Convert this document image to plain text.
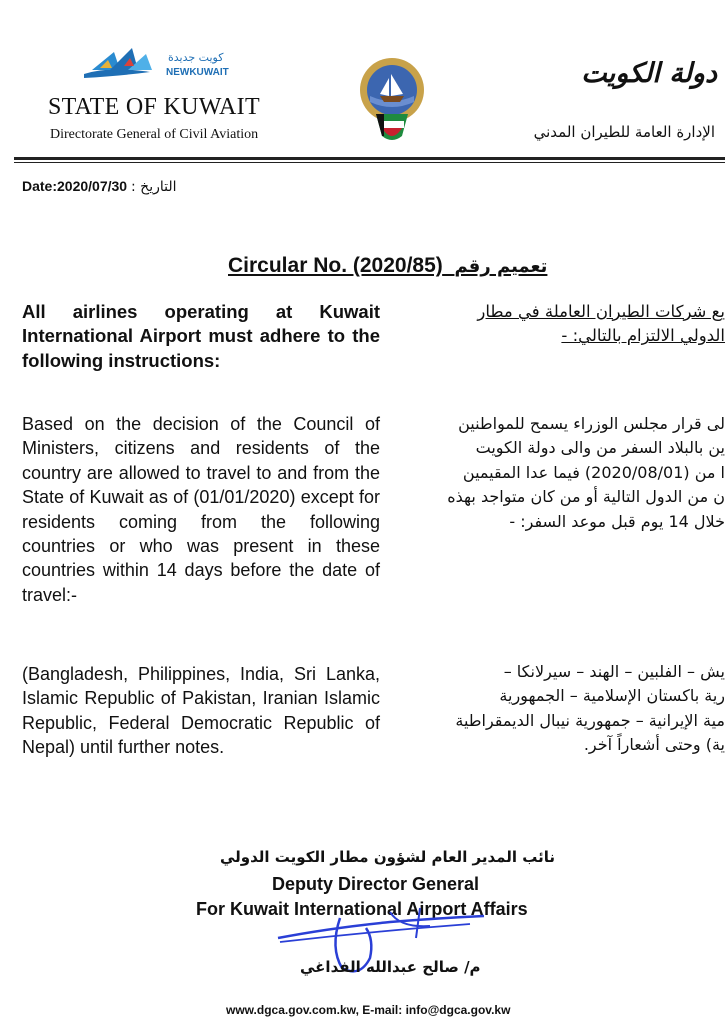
كويت جديدة
NEWKUWAIT
STATE OF KUWAIT
Directorate General of Civil Aviation
دولة الكويت
الإدارة العامة للطيران المدني
Date:2020/07/30 : التاريخ
Circular No. (2020/85) تعميم رقم
All airlines operating at Kuwait International Airport must adhere to the following instructions:
Based on the decision of the Council of Ministers, citizens and residents of the country are allowed to travel to and from the State of Kuwait as of (01/01/2020) except for residents coming from the following countries or who was present in these countries within 14 days before the date of travel:-
(Bangladesh, Philippines, India, Sri Lanka, Islamic Republic of Pakistan, Iranian Islamic Republic, Federal Democratic Republic of Nepal) until further notes.
يع شركات الطيران العاملة في مطار
الدولي الالتزام بالتالي: -
لى قرار مجلس الوزراء يسمح للمواطنين
ين بالبلاد السفر من والى دولة الكويت
ا من (2020/08/01) فيما عدا المقيمين
ن من الدول التالية أو من كان متواجد بهذه
خلال 14 يوم قبل موعد السفر: -
يش – الفلبين – الهند – سيرلانكا –
رية باكستان الإسلامية – الجمهورية
مية الإيرانية – جمهورية نيبال الديمقراطية
ية) وحتى أشعاراً آخر.
نائب المدير العام لشؤون مطار الكويت الدولي
Deputy Director General
For Kuwait International Airport Affairs
م/ صالح عبدالله الفداغي
www.dgca.gov.com.kw, E-mail: info@dgca.gov.kw
